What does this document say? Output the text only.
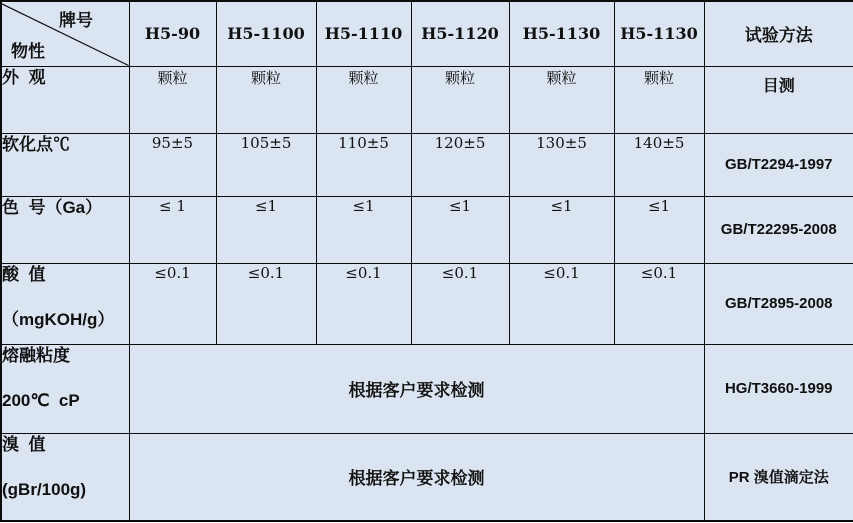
牌号
物性	H5-90	H5-1100	H5-1110	H5-1120	H5-1130	H5-1130	试验方法

外  观	颗粒	颗粒	颗粒	颗粒	颗粒	颗粒	目测

软化点℃	95±5	105±5	110±5	120±5	130±5	140±5	GB/T2294-1997

色  号（Ga）	≤ 1	≤1	≤1	≤1	≤1	≤1	GB/T22295-2008

酸  值
（mgKOH/g）	≤0.1	≤0.1	≤0.1	≤0.1	≤0.1	≤0.1	GB/T2895-2008

熔融粘度
200℃  cP	根据客户要求检测						HG/T3660-1999

溴  值
(gBr/100g)	根据客户要求检测						PR 溴值滴定法
